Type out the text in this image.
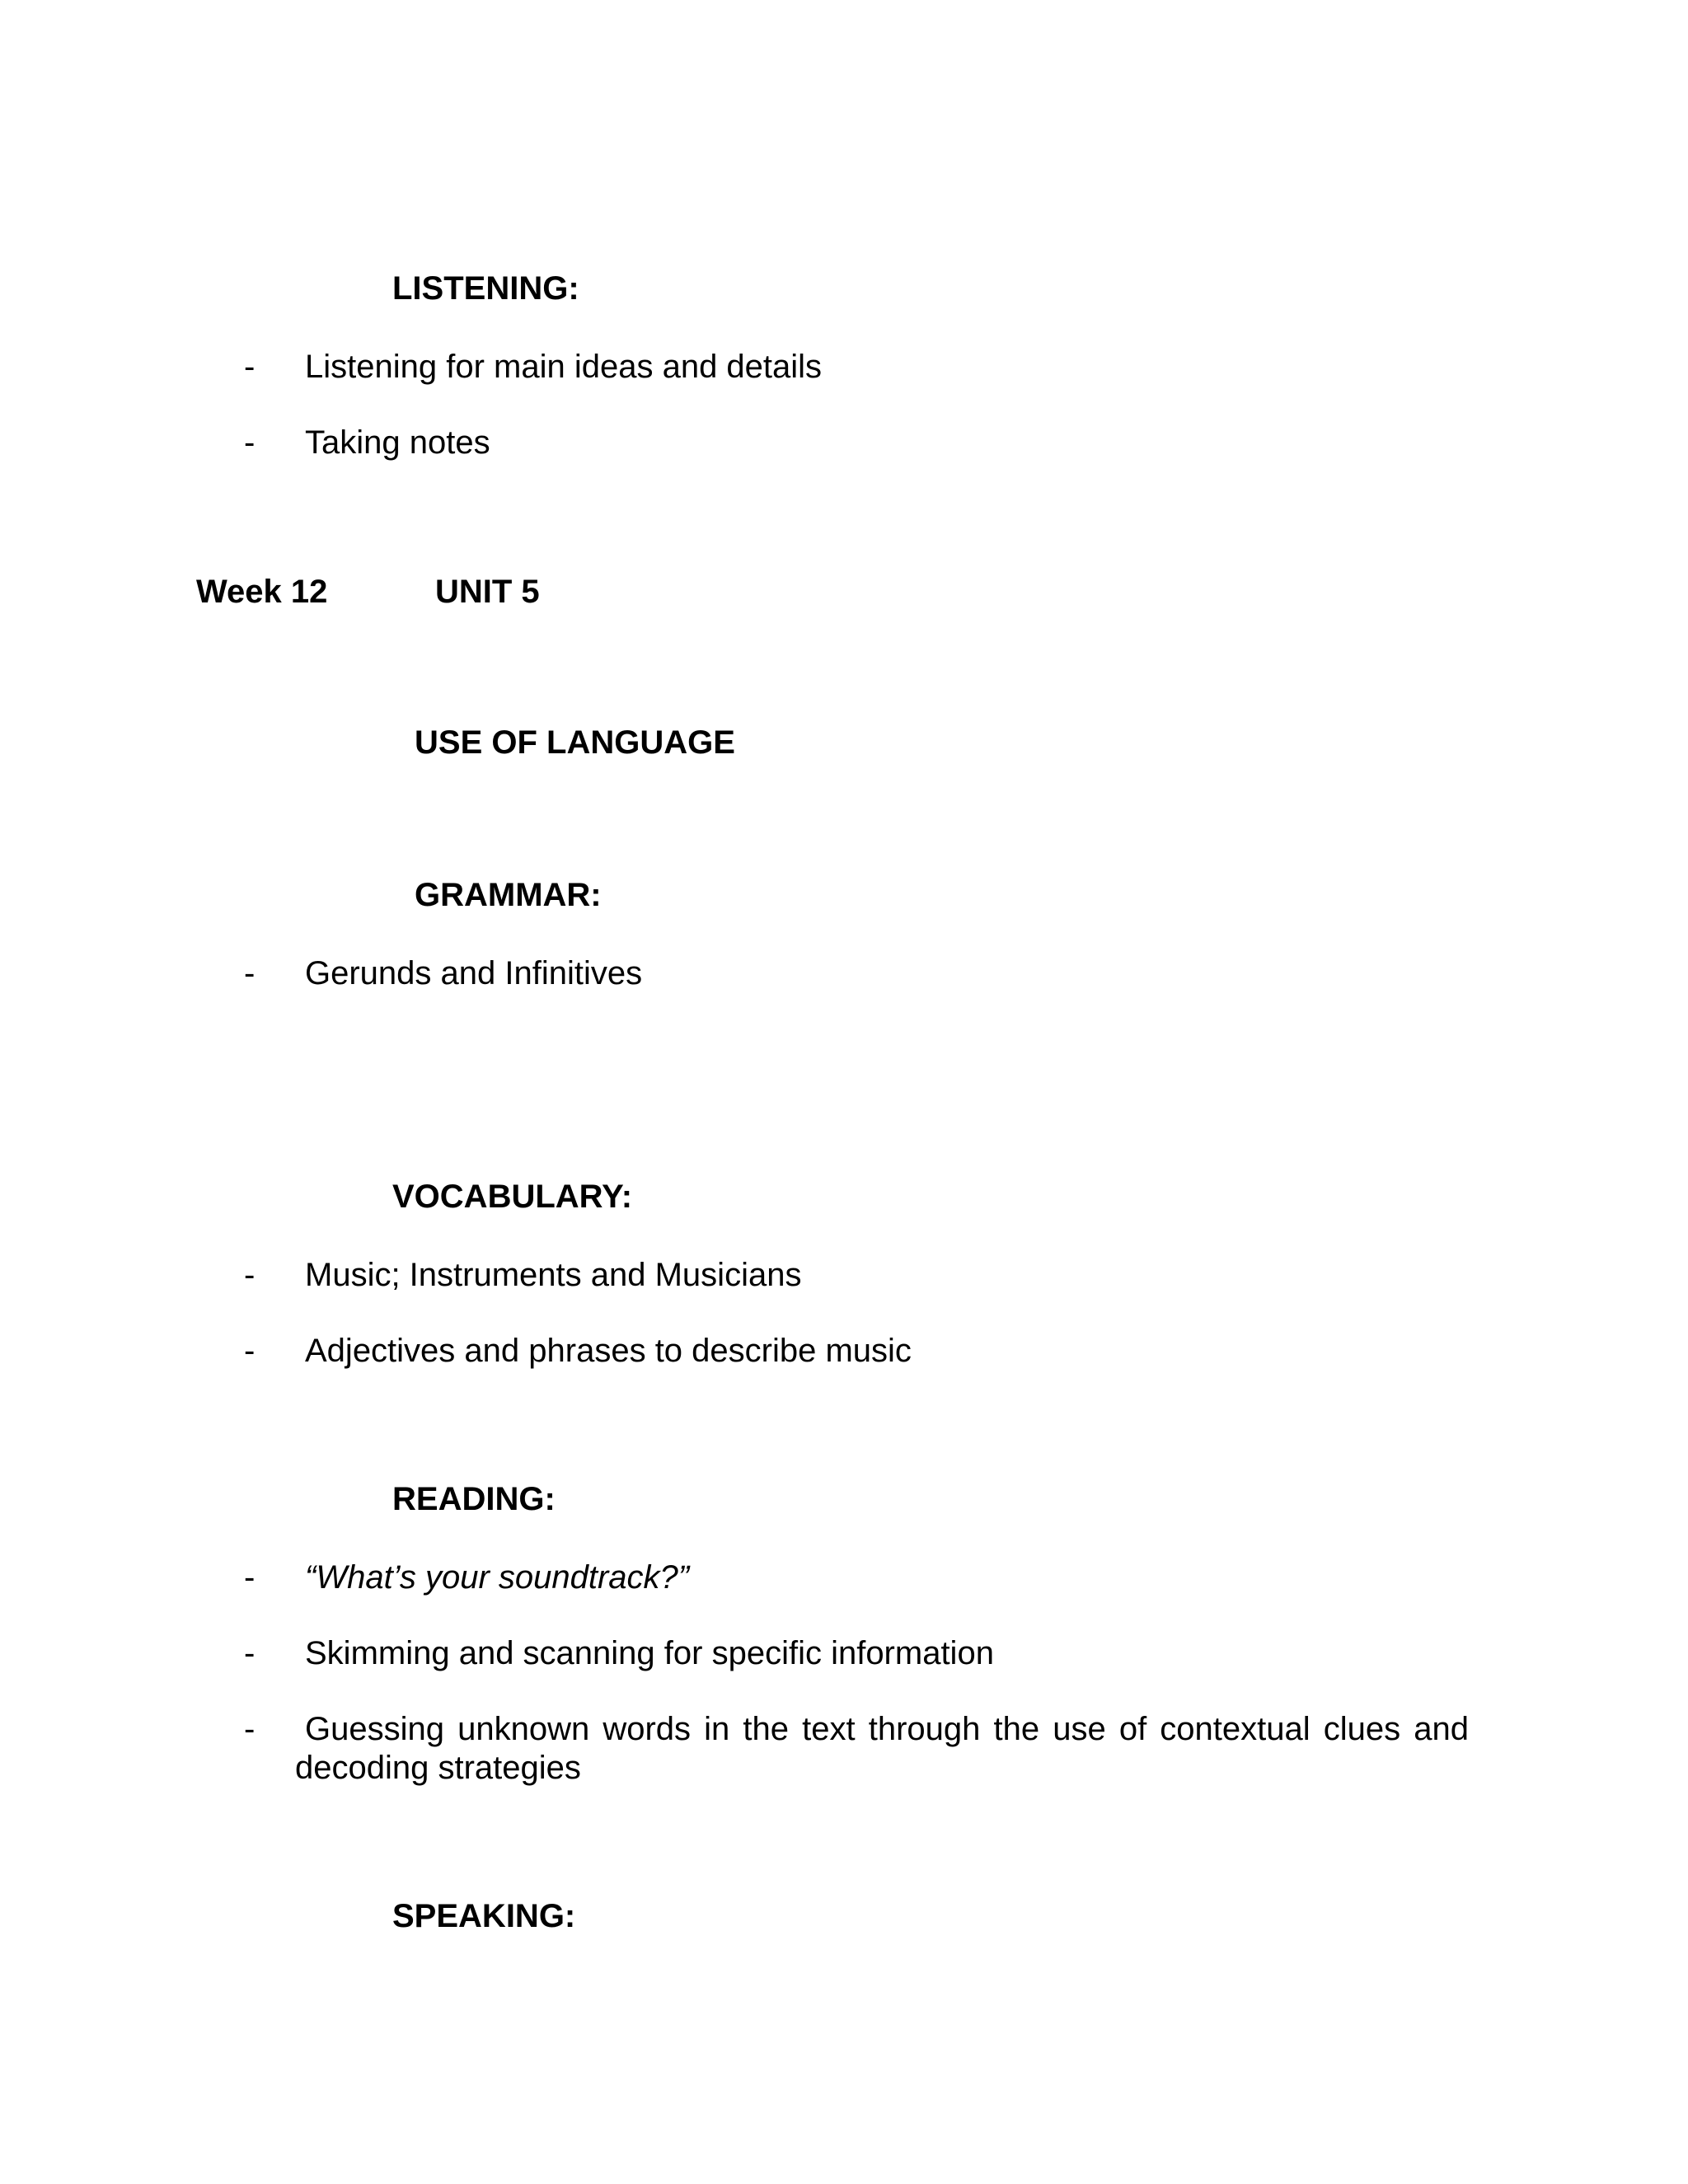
LISTENING:
- Listening for main ideas and details
- Taking notes
Week 12	UNIT 5
USE OF LANGUAGE
GRAMMAR:
- Gerunds and Infinitives
VOCABULARY:
- Music; Instruments and Musicians
- Adjectives and phrases to describe music
READING:
- “What’s your soundtrack?”
- Skimming and scanning for specific information
- Guessing unknown words in the text through the use of contextual clues and
decoding strategies
SPEAKING:
